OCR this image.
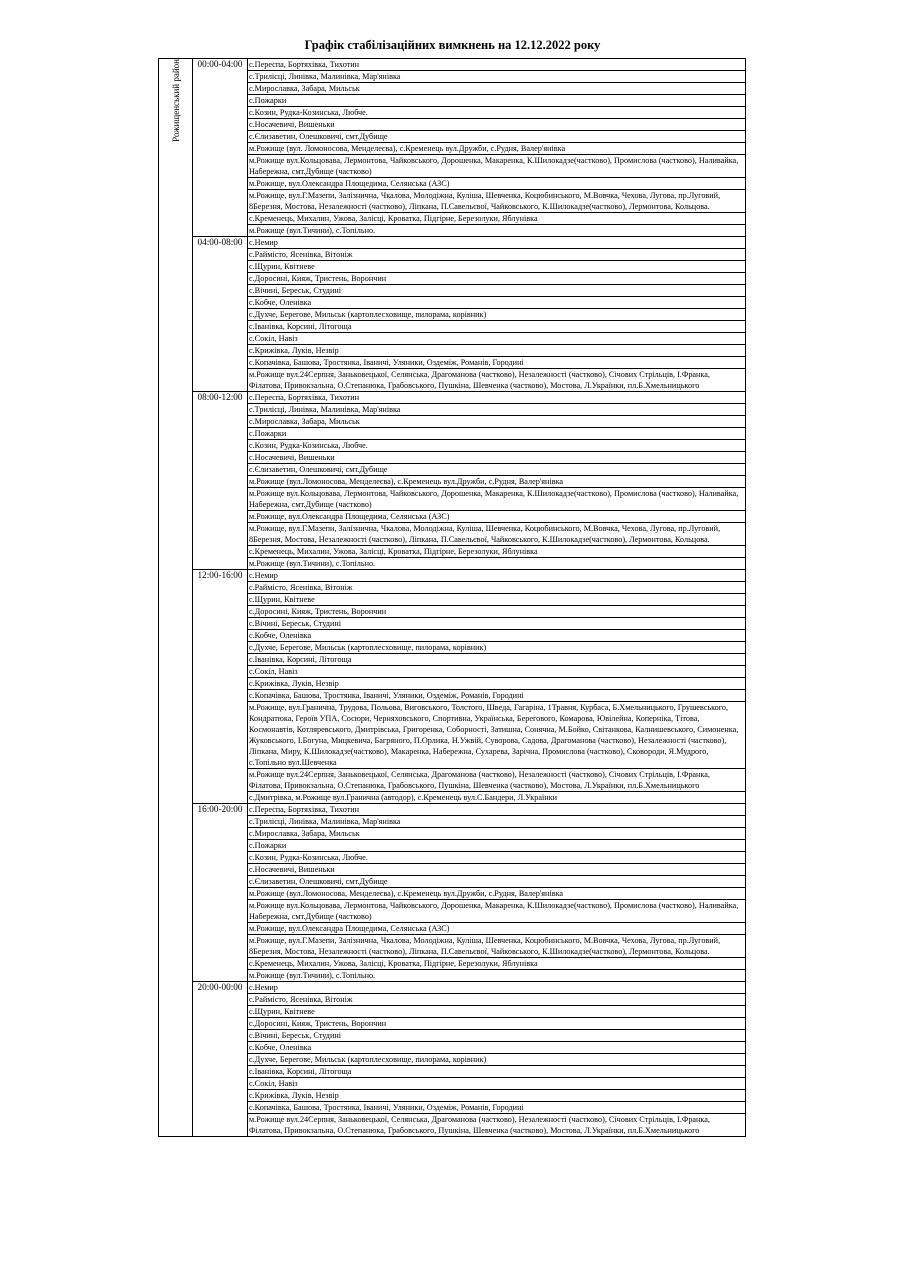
Графік стабілізаційних вимкнень на 12.12.2022 року
Рожищенський район	00:00-04:00	с.Переспа, Бортяхівка, Тихотин
		с.Трилісці, Линівка, Малинівка, Мар'янівка
		с.Мирославка, Забара, Мильськ
		с.Пожарки
		с.Козин, Рудка-Козинська, Любче.
		с.Носачевичі, Вишеньки
		с.Єлизаветин, Олешковичі, смт.Дубище
		м.Рожище (вул. Ломоносова, Менделеєва), с.Кременець вул.Дружби, с.Рудня, Валер'янівка
		м.Рожище вул.Кольцовава, Лермонтова, Чайковського, Дорошенка, Макаренка, К.Шилокадзе(частково), Промислова (частково), Наливайка, Набережна, смт.Дубище (частково)
		м.Рожище, вул.Олександра Площедима, Селянська (АЗС)
		м.Рожище, вул.Г.Мазепи, Залізнична, Чкалова, Молодіжна, Куліша, Шевченка, Коцюбинського, М.Вовчка, Чехова, Лугова, пр.Луговий, 8Березня, Мостова, Незалежності (частково), Ліпкана, П.Савельєвої, Чайковського, К.Шилокадзе(частково), Лермонтова, Кольцова.
		с.Кременець, Михалин, Ужова, Залісці, Кроватка, Підгірне, Березолуки, Яблунівка
		м.Рожище (вул.Тичини), с.Топільно.
	04:00-08:00	с.Немир
		с.Раймісто, Ясенівка, Вітоніж
		с.Щурин, Квітневе
		с.Доросині, Кияж, Тристень, Ворончин
		с.Вічині, Береськ, Студині
		с.Кобче, Оленівка
		с.Духче, Берегове, Мильськ (картоплесховище, пилорама, корівник)
		с.Іванівка, Корсині, Літогоща
		с.Сокіл, Навіз
		с.Крижівка, Луків, Незвір
		с.Копачівка, Башова, Тростянка, Іваничі, Уляники, Оздеміж, Романів, Городині
		м.Рожище вул.24Серпня, Заньковецької, Селянська, Драгоманова (частково), Незалежності (частково), Січових Стрільців, І.Франка, Філатова, Привокзальна, О.Степанюка, Грабовського, Пушкіна, Шевченка (частково), Мостова, Л.Українки, пл.Б.Хмельницького
	08:00-12:00	с.Переспа, Бортяхівка, Тихотин
		с.Трилісці, Линівка, Малинівка, Мар'янівка
		с.Мирославка, Забара, Мильськ
		с.Пожарки
		с.Козин, Рудка-Козинська, Любче.
		с.Носачевичі, Вишеньки
		с.Єлизаветин, Олешковичі, смт.Дубище
		м.Рожище (вул.Ломоносова, Менделеєва), с.Кременець вул.Дружби, с.Рудня, Валер'янівка
		м.Рожище вул.Кольцовава, Лермонтова, Чайковського, Дорошенка, Макаренка, К.Шилокадзе(частково), Промислова (частково), Наливайка, Набережна, смт.Дубище (частково)
		м.Рожище, вул.Олександра Площедима, Селянська (АЗС)
		м.Рожище, вул.Г.Мазепи, Залізнична, Чкалова, Молодіжна, Куліша, Шевченка, Коцюбинського, М.Вовчка, Чехова, Лугова, пр.Луговий, 8Березня, Мостова, Незалежності (частково), Ліпкана, П.Савельєвої, Чайковського, К.Шилокадзе(частково), Лермонтова, Кольцова.
		с.Кременець, Михалин, Ужова, Залісці, Кроватка, Підгірне, Березолуки, Яблунівка
		м.Рожище (вул.Тичини), с.Топільно.
	12:00-16:00	с.Немир
		с.Раймісто, Ясенівка, Вітоніж
		с.Щурин, Квітневе
		с.Доросині, Кияж, Тристень, Ворончин
		с.Вічині, Береськ, Студині
		с.Кобче, Оленівка
		с.Духче, Берегове, Мильськ (картоплесховище, пилорама, корівник)
		с.Іванівка, Корсині, Літогоща
		с.Сокіл, Навіз
		с.Крижівка, Луків, Незвір
		с.Копачівка, Башова, Тростянка, Іваничі, Уляники, Оздеміж, Романів, Городині
		м.Рожище, вул.Гранична, Трудова, Польова, Виговського, Толстого, Шведа, Гагаріна, 1Травня, Курбаса, Б.Хмельницького, Грушевського, Кондратюка, Героїв УПА, Сосюри, Черняховського, Спортивна, Українська, Берегового, Комарова, Ювілейна, Коперніка, Тітова, Космонавтів, Котляревського, Дмитрівська, Григоренка, Соборності, Затишна, Сонячна, М.Бойко, Світанкова, Калнишевського, Симоненка, Жуковського, І.Богуна, Мицкевича, Багряного, П.Орлика, Н.Ужвій, Суворова, Садова, Драгоманова (частково), Незалежності (частково), Ліпкана, Миру, К.Шилокадзе(частково), Макаренка, Набережна, Сухарева, Зарічна, Промислова (частково), Сковороди, Я.Мудрого, с.Топільно вул.Шевченка
		м.Рожище вул.24Серпня, Заньковецької, Селянська, Драгоманова (частково), Незалежності (частково), Січових Стрільців, І.Франка, Філатова, Привокзальна, О.Степанюка, Грабовського, Пушкіна, Шевченка (частково), Мостова, Л.Українки, пл.Б.Хмельницького
		с.Дмитрівка, м.Рожище вул.Гранична (автодор), с.Кременець вул.С.Бандери, Л.Українки
	16:00-20:00	с.Переспа, Бортяхівка, Тихотин
		с.Трилісці, Линівка, Малинівка, Мар'янівка
		с.Мирославка, Забара, Мильськ
		с.Пожарки
		с.Козин, Рудка-Козинська, Любче.
		с.Носачевичі, Вишеньки
		с.Єлизаветин, Олешковичі, смт.Дубище
		м.Рожище (вул.Ломоносова, Менделеєва), с.Кременець вул.Дружби, с.Рудня, Валер'янівка
		м.Рожище вул.Кольцовава, Лермонтова, Чайковського, Дорошенка, Макаренка, К.Шилокадзе(частково), Промислова (частково), Наливайка, Набережна, смт.Дубище (частково)
		м.Рожище, вул.Олександра Площедима, Селянська (АЗС)
		м.Рожище, вул.Г.Мазепи, Залізнична, Чкалова, Молодіжна, Куліша, Шевченка, Коцюбинського, М.Вовчка, Чехова, Лугова, пр.Луговий, 8Березня, Мостова, Незалежності (частково), Ліпкана, П.Савельєвої, Чайковського, К.Шилокадзе(частково), Лермонтова, Кольцова.
		с.Кременець, Михалин, Ужова, Залісці, Кроватка, Підгірне, Березолуки, Яблунівка
		м.Рожище (вул.Тичини), с.Топільно.
	20:00-00:00	с.Немир
		с.Раймісто, Ясенівка, Вітоніж
		с.Щурин, Квітневе
		с.Доросині, Кияж, Тристень, Ворончин
		с.Вічині, Береськ, Студині
		с.Кобче, Оленівка
		с.Духче, Берегове, Мильськ (картоплесховище, пилорама, корівник)
		с.Іванівка, Корсині, Літогоща
		с.Сокіл, Навіз
		с.Крижівка, Луків, Незвір
		с.Копачівка, Башова, Тростянка, Іваничі, Уляники, Оздеміж, Романів, Городині
		м.Рожище вул.24Серпня, Заньковецької, Селянська, Драгоманова (частково), Незалежності (частково), Січових Стрільців, І.Франка, Філатова, Привокзальна, О.Степанюка, Грабовського, Пушкіна, Шевченка (частково), Мостова, Л.Українки, пл.Б.Хмельницького
